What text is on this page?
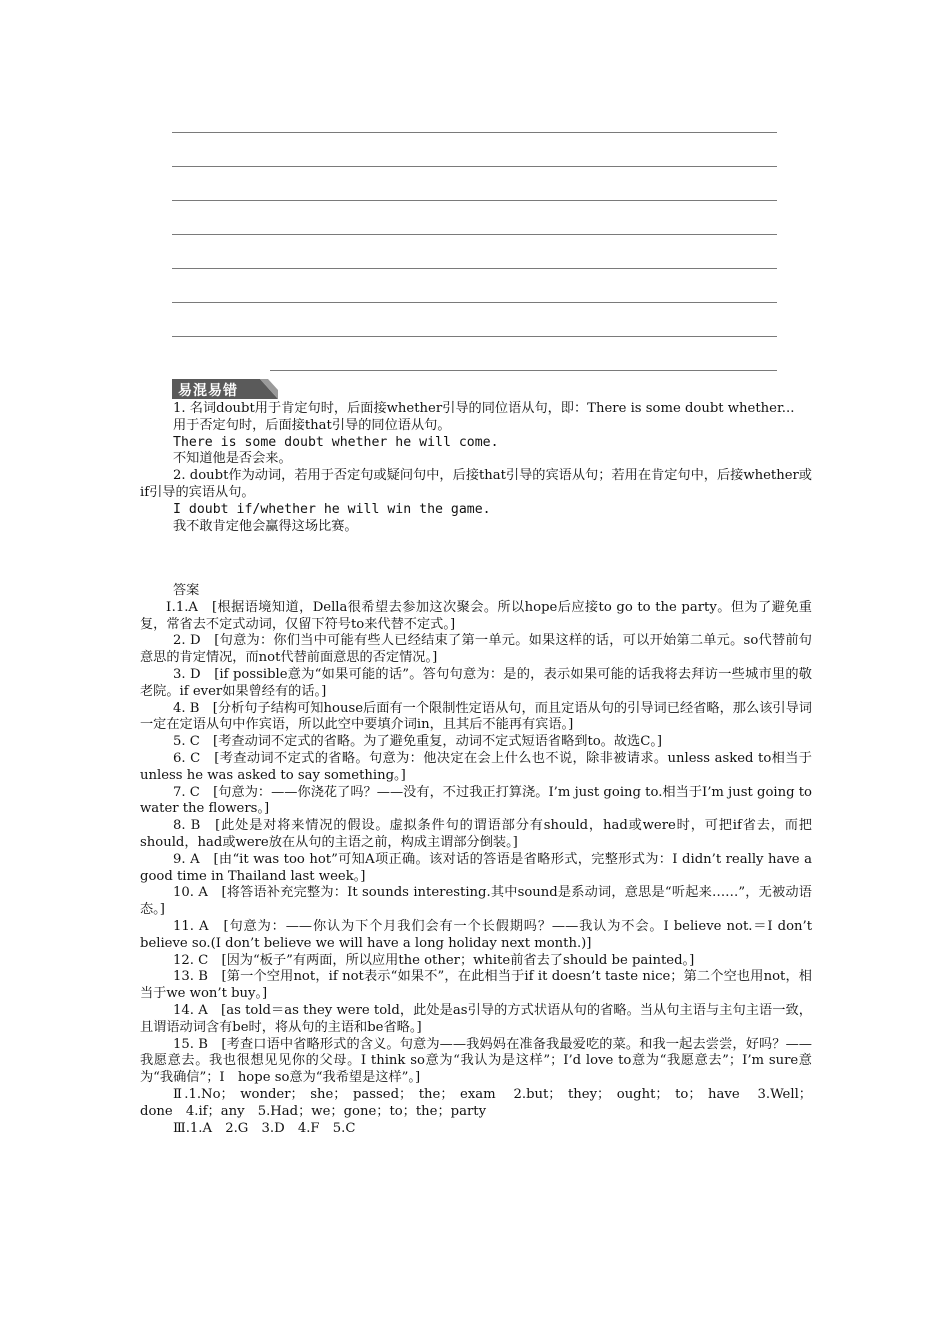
易混易错

1. 名词doubt用于肯定句时，后面接whether引导的同位语从句，即：There is some doubt whether...

用于否定句时，后面接that引导的同位语从句。

There is some doubt whether he will come.

不知道他是否会来。

2. doubt作为动词，若用于否定句或疑问句中，后接that引导的宾语从句；若用在肯定句中，后接whether或if引导的宾语从句。

I doubt if/whether he will win the game.

我不敢肯定他会赢得这场比赛。

答案

Ⅰ.1.A　[根据语境知道，Della很希望去参加这次聚会。所以hope后应接to go to the party。但为了避免重复，常省去不定式动词，仅留下符号to来代替不定式。]

2. D　[句意为：你们当中可能有些人已经结束了第一单元。如果这样的话，可以开始第二单元。so代替前句意思的肯定情况，而not代替前面意思的否定情况。]

3. D　[if possible意为“如果可能的话”。答句句意为：是的，表示如果可能的话我将去拜访一些城市里的敬老院。if ever如果曾经有的话。]

4. B　[分析句子结构可知house后面有一个限制性定语从句，而且定语从句的引导词已经省略，那么该引导词一定在定语从句中作宾语，所以此空中要填介词in，且其后不能再有宾语。]

5. C　[考查动词不定式的省略。为了避免重复，动词不定式短语省略到to。故选C。]

6. C　[考查动词不定式的省略。句意为：他决定在会上什么也不说，除非被请求。unless asked to相当于unless he was asked to say something。]

7. C　[句意为：——你浇花了吗？——没有，不过我正打算浇。I’m just going to.相当于I’m just going to water the flowers。]

8. B　[此处是对将来情况的假设。虚拟条件句的谓语部分有should，had或were时，可把if省去，而把should，had或were放在从句的主语之前，构成主谓部分倒装。]

9. A　[由“it was too hot”可知A项正确。该对话的答语是省略形式，完整形式为：I didn’t really have a good time in Thailand last week。]

10. A　[将答语补充完整为：It sounds interesting.其中sound是系动词，意思是“听起来……”，无被动语态。]

11. A　[句意为：——你认为下个月我们会有一个长假期吗？——我认为不会。I believe not.＝I don’t believe so.(I don’t believe we will have a long holiday next month.)]

12. C　[因为“板子”有两面，所以应用the other；white前省去了should be painted。]

13. B　[第一个空用not，if not表示“如果不”，在此相当于if it doesn’t taste nice；第二个空也用not，相当于we won’t buy。]

14. A　[as told＝as they were told，此处是as引导的方式状语从句的省略。当从句主语与主句主语一致，且谓语动词含有be时，将从句的主语和be省略。]

15. B　[考查口语中省略形式的含义。句意为——我妈妈在准备我最爱吃的菜。和我一起去尝尝，好吗？——我愿意去。我也很想见见你的父母。I think so意为“我认为是这样”；I’d love to意为“我愿意去”；I’m sure意为“我确信”；I　hope so意为“我希望是这样”。]

Ⅱ.1.No； wonder； she； passed； the； exam　2.but； they； ought； to； have　3.Well；done　4.if；any　5.Had；we；gone；to；the；party

Ⅲ.1.A　2.G　3.D　4.F　5.C
